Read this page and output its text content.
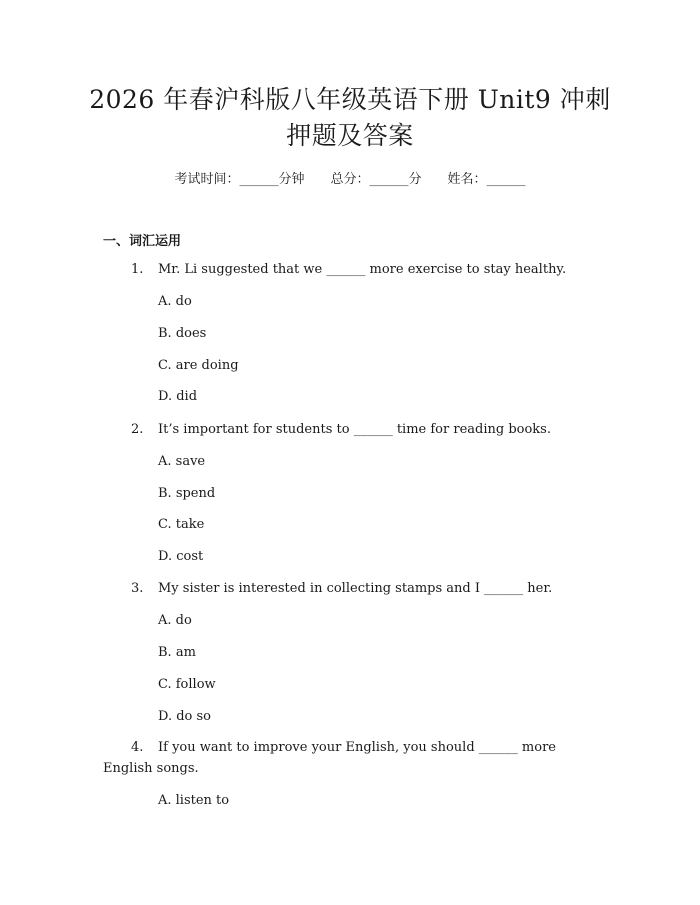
2026 年春沪科版八年级英语下册 Unit9 冲刺
押题及答案
考试时间：______分钟 总分：______分 姓名：______
一、词汇运用
1. Mr. Li suggested that we ______ more exercise to stay healthy.
A. do
B. does
C. are doing
D. did
2. It’s important for students to ______ time for reading books.
A. save
B. spend
C. take
D. cost
3. My sister is interested in collecting stamps and I ______ her.
A. do
B. am
C. follow
D. do so
4. If you want to improve your English, you should ______ more
English songs.
A. listen to
